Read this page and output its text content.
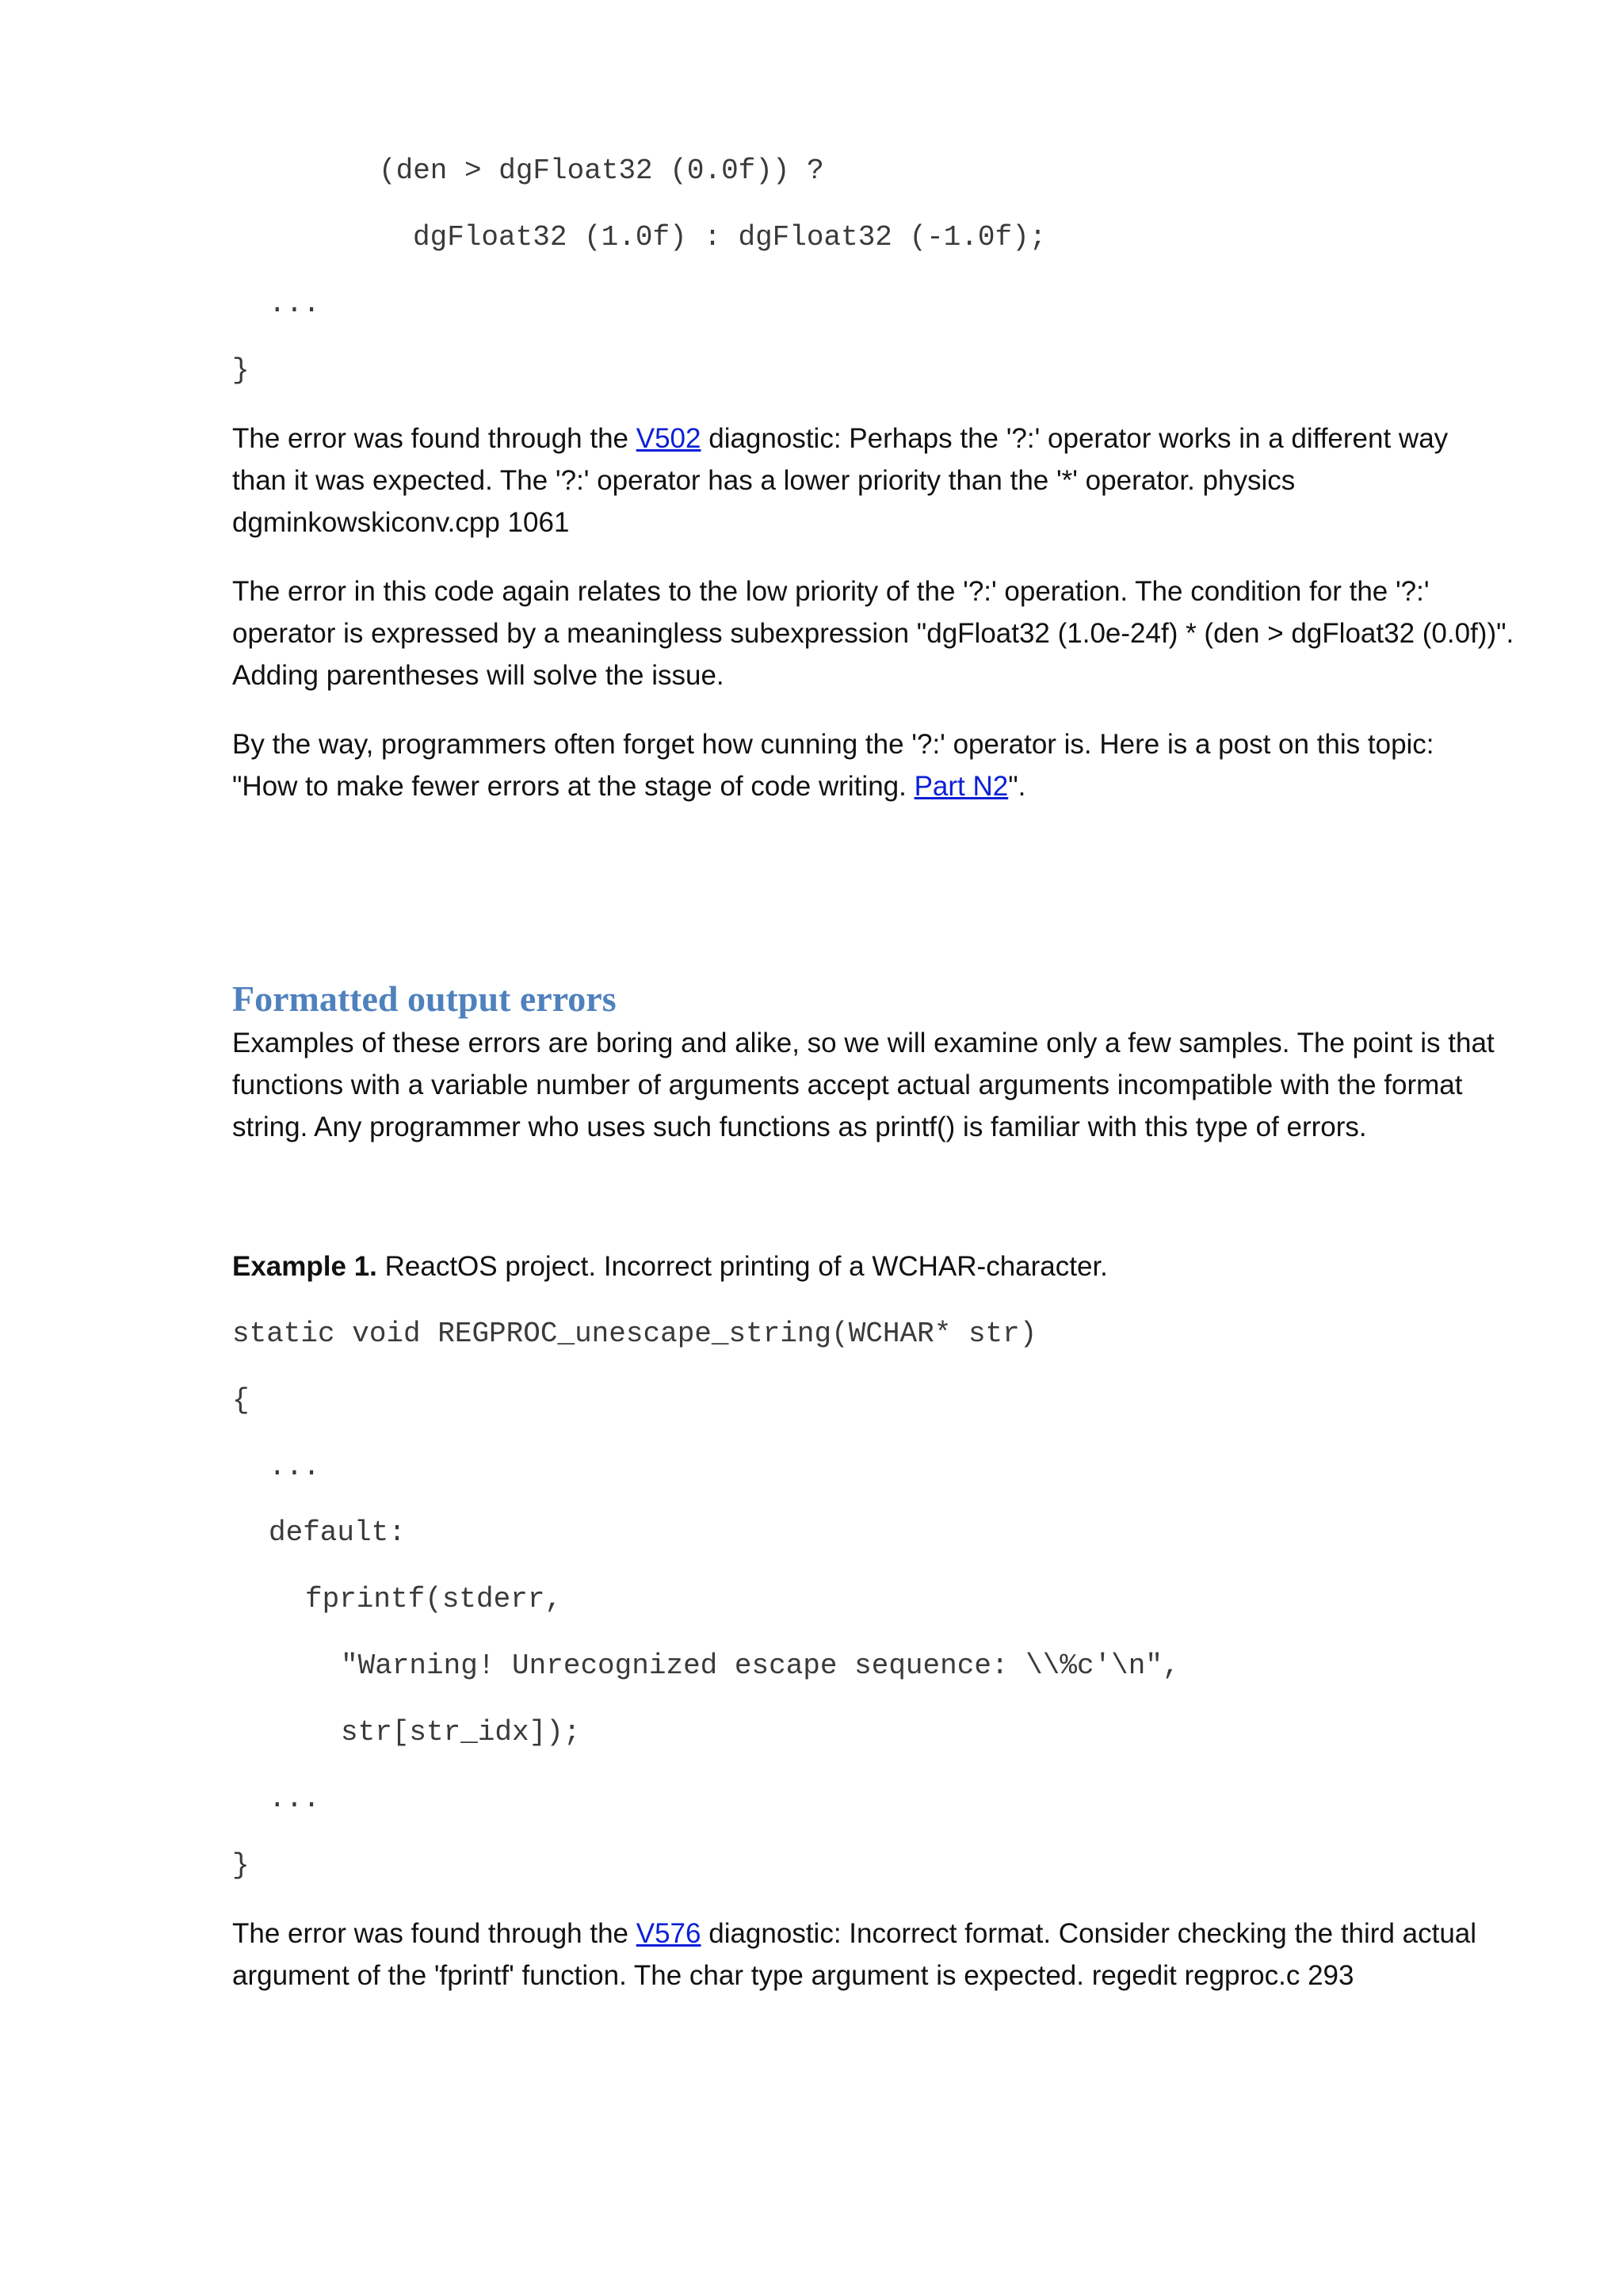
(den > dgFloat32 (0.0f)) ?
dgFloat32 (1.0f) : dgFloat32 (-1.0f);
...
}
The error was found through the V502 diagnostic: Perhaps the '?:' operator works in a different way
than it was expected. The '?:' operator has a lower priority than the '*' operator. physics
dgminkowskiconv.cpp 1061
The error in this code again relates to the low priority of the '?:' operation. The condition for the '?:'
operator is expressed by a meaningless subexpression "dgFloat32 (1.0e-24f) * (den > dgFloat32 (0.0f))".
Adding parentheses will solve the issue.
By the way, programmers often forget how cunning the '?:' operator is. Here is a post on this topic:
"How to make fewer errors at the stage of code writing. Part N2".
Formatted output errors
Examples of these errors are boring and alike, so we will examine only a few samples. The point is that
functions with a variable number of arguments accept actual arguments incompatible with the format
string. Any programmer who uses such functions as printf() is familiar with this type of errors.
Example 1. ReactOS project. Incorrect printing of a WCHAR-character.
static void REGPROC_unescape_string(WCHAR* str)
{
...
default:
fprintf(stderr,
"Warning! Unrecognized escape sequence: \\%c'\n",
str[str_idx]);
...
}
The error was found through the V576 diagnostic: Incorrect format. Consider checking the third actual
argument of the 'fprintf' function. The char type argument is expected. regedit regproc.c 293
